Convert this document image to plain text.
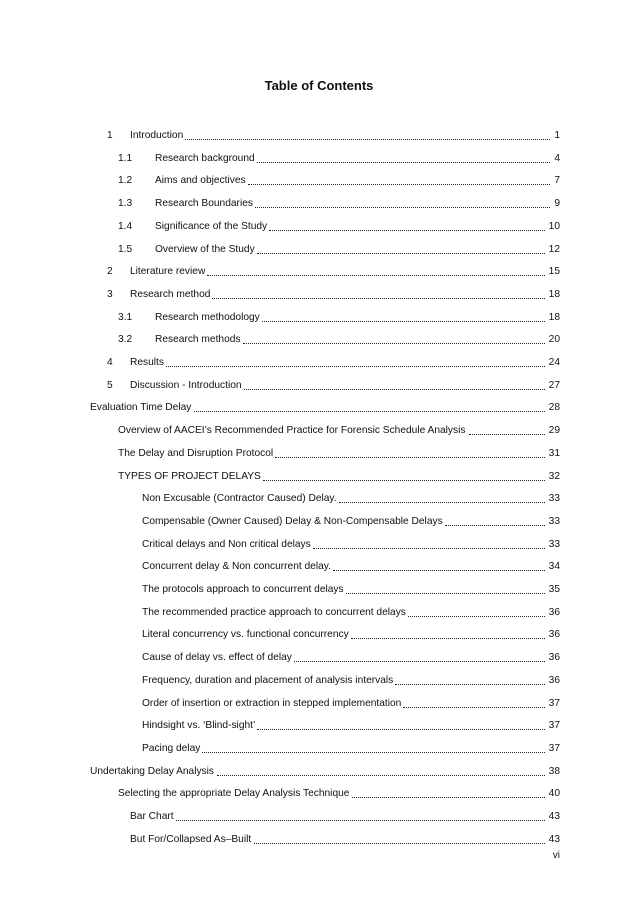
Table of Contents
1 Introduction	1
1.1 Research background	4
1.2 Aims and objectives	7
1.3 Research Boundaries	9
1.4 Significance of the Study	10
1.5 Overview of the Study	12
2 Literature review	15
3 Research method	18
3.1 Research methodology	18
3.2 Research methods	20
4 Results	24
5 Discussion - Introduction	27
Evaluation Time Delay	28
Overview of AACEI’s Recommended Practice for Forensic Schedule Analysis	29
The Delay and Disruption Protocol	31
TYPES OF PROJECT DELAYS	32
Non Excusable (Contractor Caused) Delay.	33
Compensable (Owner Caused) Delay & Non-Compensable Delays	33
Critical delays and Non critical delays	33
Concurrent delay & Non concurrent delay.	34
The protocols approach to concurrent delays	35
The recommended practice approach to concurrent delays	36
Literal concurrency vs. functional concurrency	36
Cause of delay vs. effect of delay	36
Frequency, duration and placement of analysis intervals	36
Order of insertion or extraction in stepped implementation	37
Hindsight vs. ‘Blind-sight’	37
Pacing delay	37
Undertaking Delay Analysis	38
Selecting the appropriate Delay Analysis Technique	40
Bar Chart	43
But For/Collapsed As–Built	43
vi
